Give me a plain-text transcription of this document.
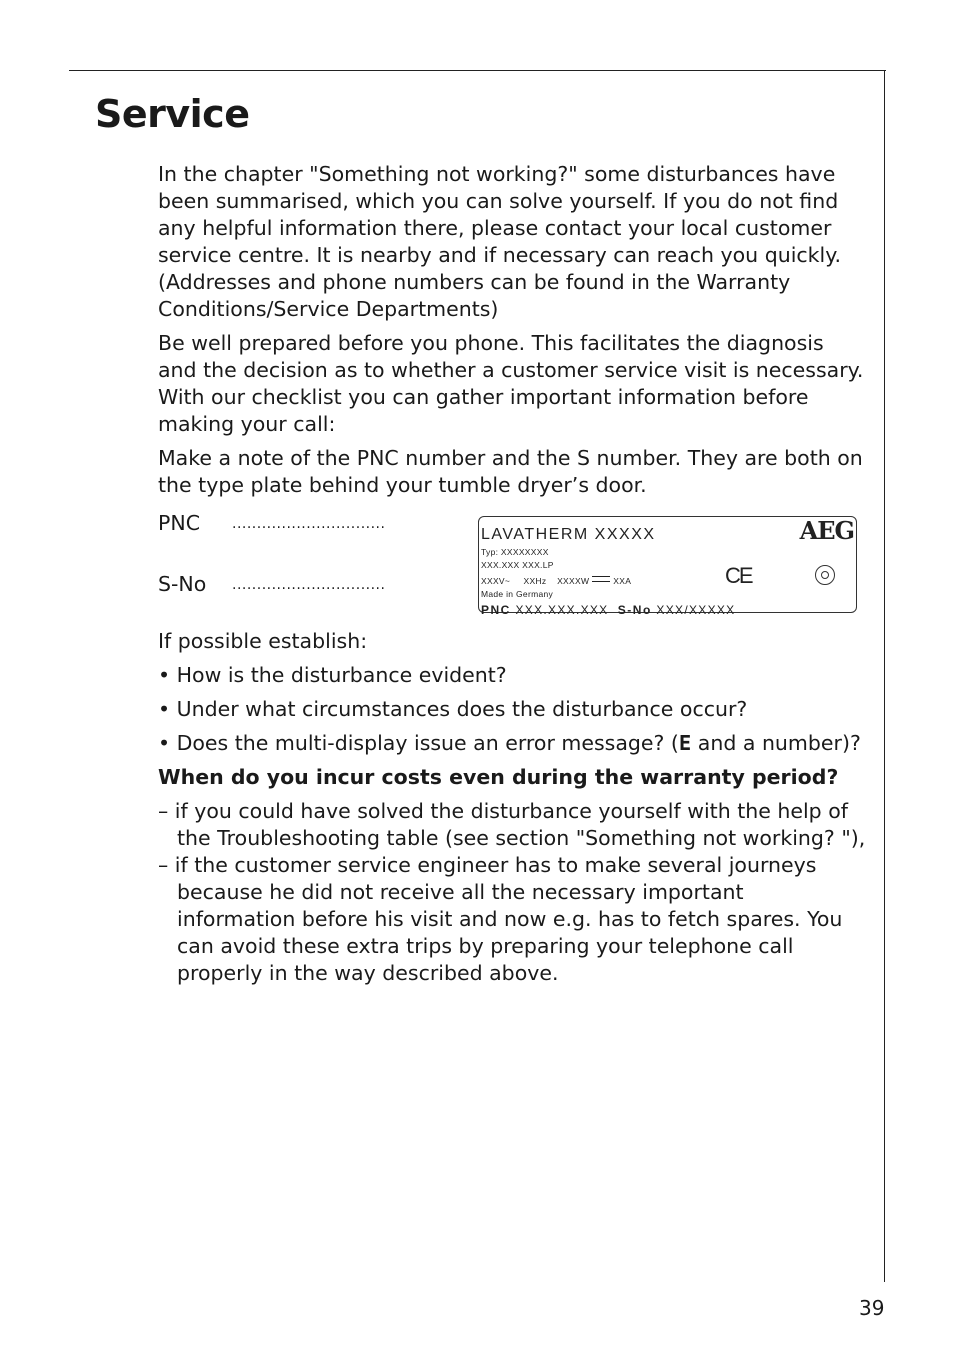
Service

In the chapter "Something not working?" some disturbances have been summarised, which you can solve yourself. If you do not find any helpful information there, please contact your local customer service centre. It is nearby and if necessary can reach you quickly. (Addresses and phone numbers can be found in the Warranty Conditions/Service Departments)

Be well prepared before you phone. This facilitates the diagnosis and the decision as to whether a customer service visit is necessary. With our checklist you can gather important information before making your call:

Make a note of the PNC number and the S number. They are both on the type plate behind your tumble dryer’s door.

PNC ...............................
S-No ...............................
LAVATHERM XXXXX	AEG
Typ: XXXXXXXX
XXX.XXX XXX.LP
XXXV~ XXHz XXXXW	XXA
Made in Germany
CE
PNC XXX.XXX.XXX S-No XXX/XXXXX

If possible establish:

• How is the disturbance evident?
• Under what circumstances does the disturbance occur?
• Does the multi-display issue an error message? (E and a number)?

When do you incur costs even during the warranty period?

– if you could have solved the disturbance yourself with the help of the Troubleshooting table (see section "Something not working? "),
– if the customer service engineer has to make several journeys because he did not receive all the necessary important information before his visit and now e.g. has to fetch spares. You can avoid these extra trips by preparing your telephone call properly in the way described above.
39
